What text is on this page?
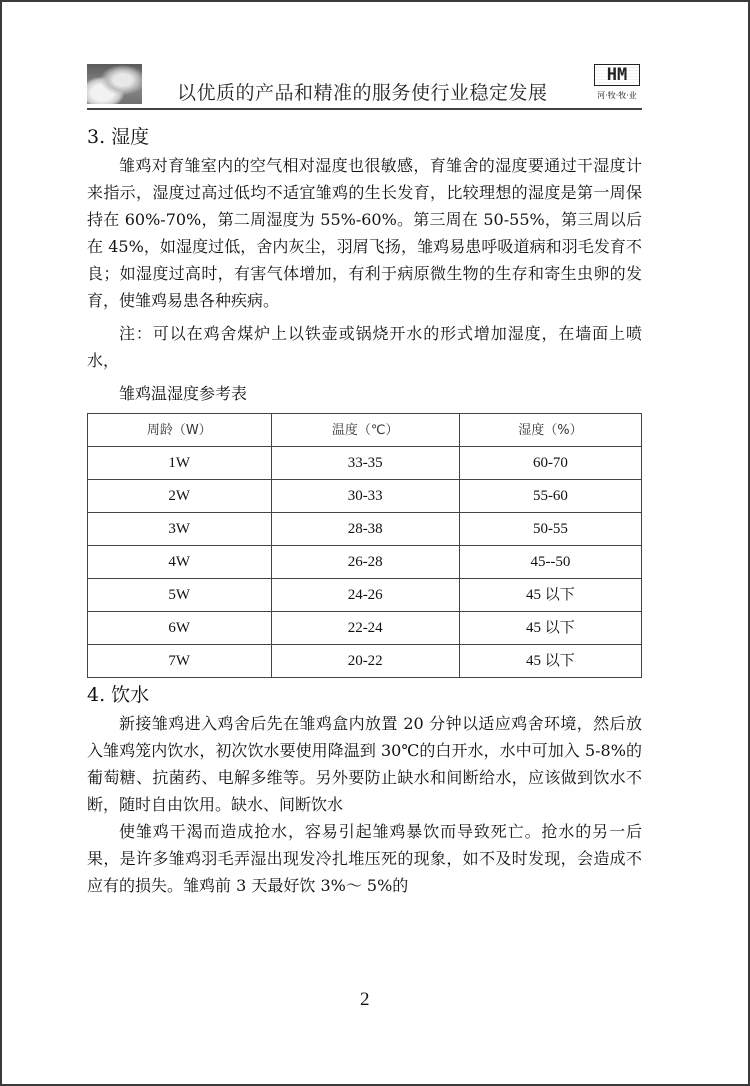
以优质的产品和精准的服务使行业稳定发展
HM
河·牧·牧·业
3. 湿度

雏鸡对育雏室内的空气相对湿度也很敏感，育雏舍的湿度要通过干湿度计来指示，湿度过高过低均不适宜雏鸡的生长发育，比较理想的湿度是第一周保持在 60%-70%，第二周湿度为 55%-60%。第三周在 50-55%，第三周以后在 45%，如湿度过低，舍内灰尘，羽屑飞扬，雏鸡易患呼吸道病和羽毛发育不良；如湿度过高时，有害气体增加，有利于病原微生物的生存和寄生虫卵的发育，使雏鸡易患各种疾病。

注：可以在鸡舍煤炉上以铁壶或锅烧开水的形式增加湿度，在墙面上喷水，

雏鸡温湿度参考表
周龄（W）	温度（℃）	湿度（%）
1W	33-35	60-70
2W	30-33	55-60
3W	28-38	50-55
4W	26-28	45--50
5W	24-26	45 以下
6W	22-24	45 以下
7W	20-22	45 以下
4. 饮水

新接雏鸡进入鸡舍后先在雏鸡盒内放置 20 分钟以适应鸡舍环境，然后放入雏鸡笼内饮水，初次饮水要使用降温到 30℃的白开水，水中可加入 5-8%的葡萄糖、抗菌药、电解多维等。另外要防止缺水和间断给水，应该做到饮水不断，随时自由饮用。缺水、间断饮水

使雏鸡干渴而造成抢水，容易引起雏鸡暴饮而导致死亡。抢水的另一后果，是许多雏鸡羽毛弄湿出现发冷扎堆压死的现象，如不及时发现，会造成不应有的损失。雏鸡前 3 天最好饮 3%～ 5%的

2
